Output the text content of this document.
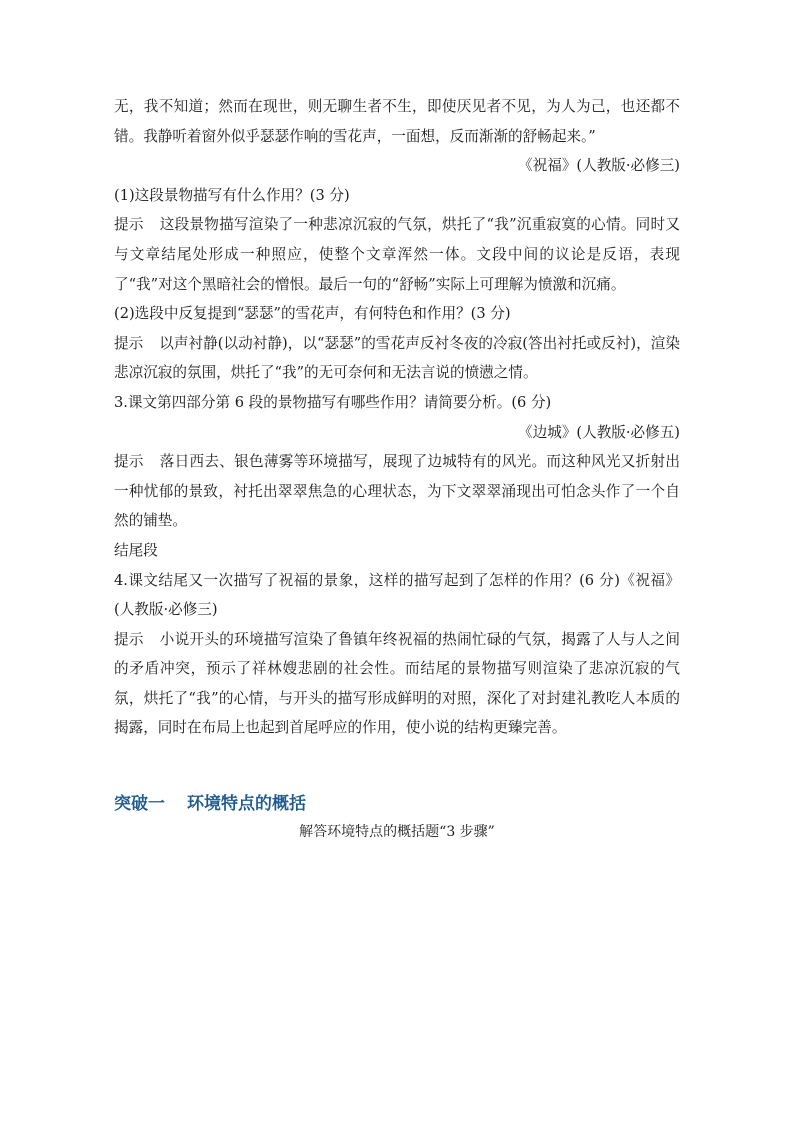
无，我不知道；然而在现世，则无聊生者不生，即使厌见者不见，为人为己，也还都不错。我静听着窗外似乎瑟瑟作响的雪花声，一面想，反而渐渐的舒畅起来。”

《祝福》(人教版·必修三)

(1)这段景物描写有什么作用？(3 分)

提示 这段景物描写渲染了一种悲凉沉寂的气氛，烘托了“我”沉重寂寞的心情。同时又与文章结尾处形成一种照应，使整个文章浑然一体。文段中间的议论是反语，表现了“我”对这个黑暗社会的憎恨。最后一句的“舒畅”实际上可理解为愤激和沉痛。

(2)选段中反复提到“瑟瑟”的雪花声，有何特色和作用？(3 分)

提示 以声衬静(以动衬静)，以“瑟瑟”的雪花声反衬冬夜的冷寂(答出衬托或反衬)，渲染悲凉沉寂的氛围，烘托了“我”的无可奈何和无法言说的愤懑之情。

3.课文第四部分第 6 段的景物描写有哪些作用？请简要分析。(6 分)

《边城》(人教版·必修五)

提示 落日西去、银色薄雾等环境描写，展现了边城特有的风光。而这种风光又折射出一种忧郁的景致，衬托出翠翠焦急的心理状态，为下文翠翠涌现出可怕念头作了一个自然的铺垫。

结尾段

4.课文结尾又一次描写了祝福的景象，这样的描写起到了怎样的作用？(6 分)《祝福》(人教版·必修三)

提示 小说开头的环境描写渲染了鲁镇年终祝福的热闹忙碌的气氛，揭露了人与人之间的矛盾冲突，预示了祥林嫂悲剧的社会性。而结尾的景物描写则渲染了悲凉沉寂的气氛，烘托了“我”的心情，与开头的描写形成鲜明的对照，深化了对封建礼教吃人本质的揭露，同时在布局上也起到首尾呼应的作用，使小说的结构更臻完善。

突破一 环境特点的概括

解答环境特点的概括题“3 步骤”
